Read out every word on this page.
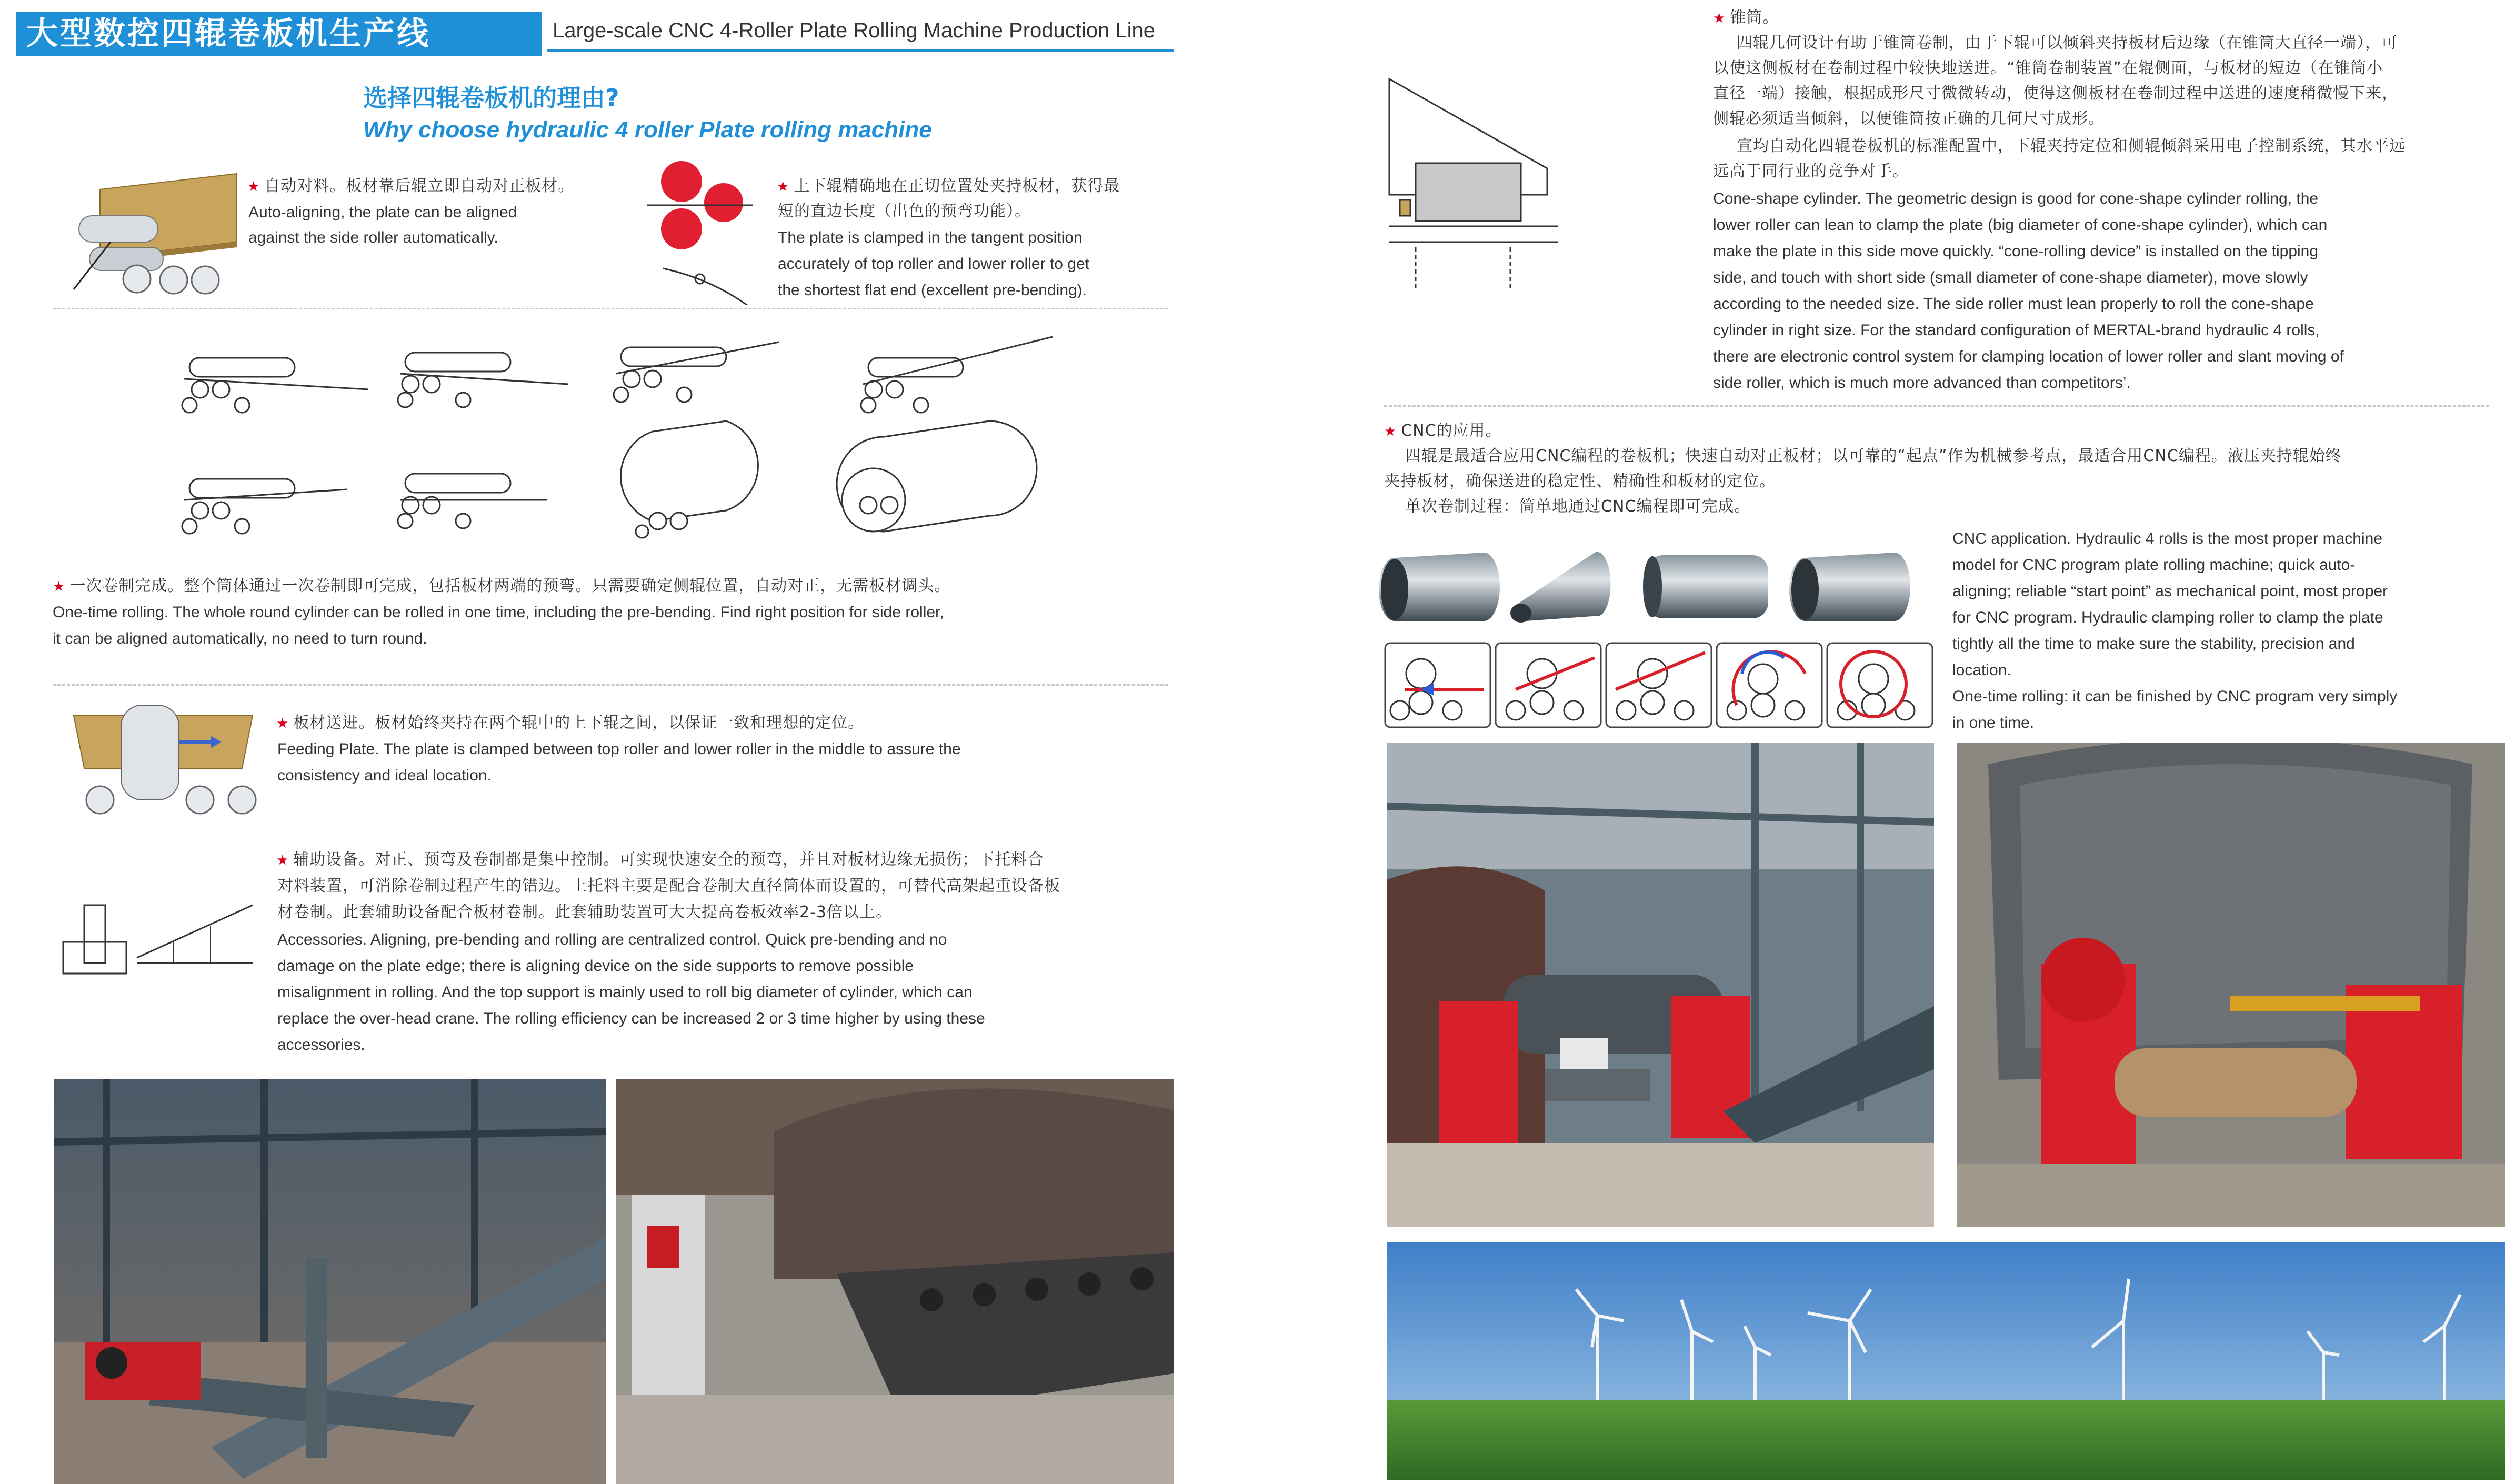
大型数控四辊卷板机生产线	Large-scale CNC 4-Roller Plate Rolling Machine Production Line
选择四辊卷板机的理由?
Why choose hydraulic 4 roller Plate rolling machine

★ 自动对料。板材靠后辊立即自动对正板材。

Auto-aligning, the plate can be aligned

against the side roller automatically.

★ 上下辊精确地在正切位置处夹持板材，获得最

短的直边长度（出色的预弯功能）。

The plate is clamped in the tangent position

accurately of top roller and lower roller to get

the shortest flat end (excellent pre-bending).

★ 一次卷制完成。整个筒体通过一次卷制即可完成，包括板材两端的预弯。只需要确定侧辊位置，自动对正，无需板材调头。

One-time rolling. The whole round cylinder can be rolled in one time, including the pre-bending. Find right position for side roller,

it can be aligned automatically, no need to turn round.

★ 板材送进。板材始终夹持在两个辊中的上下辊之间，以保证一致和理想的定位。

Feeding Plate. The plate is clamped between top roller and lower roller in the middle to assure the

consistency and ideal location.

★ 辅助设备。对正、预弯及卷制都是集中控制。可实现快速安全的预弯，并且对板材边缘无损伤；下托料合

对料装置，可消除卷制过程产生的错边。上托料主要是配合卷制大直径筒体而设置的，可替代高架起重设备板

材卷制。此套辅助设备配合板材卷制。此套辅助装置可大大提高卷板效率2-3倍以上。

Accessories. Aligning, pre-bending and rolling are centralized control. Quick pre-bending and no

damage on the plate edge; there is aligning device on the side supports to remove possible

misalignment in rolling. And the top support is mainly used to roll big diameter of cylinder, which can

replace the over-head crane. The rolling efficiency can be increased 2 or 3 time higher by using these

accessories.

★ 锥筒。

四辊几何设计有助于锥筒卷制，由于下辊可以倾斜夹持板材后边缘（在锥筒大直径一端），可

以使这侧板材在卷制过程中较快地送进。“锥筒卷制装置”在辊侧面，与板材的短边（在锥筒小

直径一端）接触，根据成形尺寸微微转动，使得这侧板材在卷制过程中送进的速度稍微慢下来，

侧辊必须适当倾斜，以便锥筒按正确的几何尺寸成形。

宣均自动化四辊卷板机的标准配置中，下辊夹持定位和侧辊倾斜采用电子控制系统，其水平远

远高于同行业的竞争对手。

Cone-shape cylinder. The geometric design is good for cone-shape cylinder rolling, the

lower roller can lean to clamp the plate (big diameter of cone-shape cylinder), which can

make the plate in this side move quickly. “cone-rolling device” is installed on the tipping

side, and touch with short side (small diameter of cone-shape diameter), move slowly

according to the needed size. The side roller must lean properly to roll the cone-shape

cylinder in right size. For the standard configuration of MERTAL-brand hydraulic 4 rolls,

there are electronic control system for clamping location of lower roller and slant moving of

side roller, which is much more advanced than competitors’.

★ CNC的应用。

四辊是最适合应用CNC编程的卷板机；快速自动对正板材；以可靠的“起点”作为机械参考点，最适合用CNC编程。液压夹持辊始终

夹持板材，确保送进的稳定性、精确性和板材的定位。

单次卷制过程：简单地通过CNC编程即可完成。

CNC application. Hydraulic 4 rolls is the most proper machine

model for CNC program plate rolling machine; quick auto-

aligning; reliable “start point” as mechanical point, most proper

for CNC program. Hydraulic clamping roller to clamp the plate

tightly all the time to make sure the stability, precision and

location.

One-time rolling: it can be finished by CNC program very simply

in one time.
